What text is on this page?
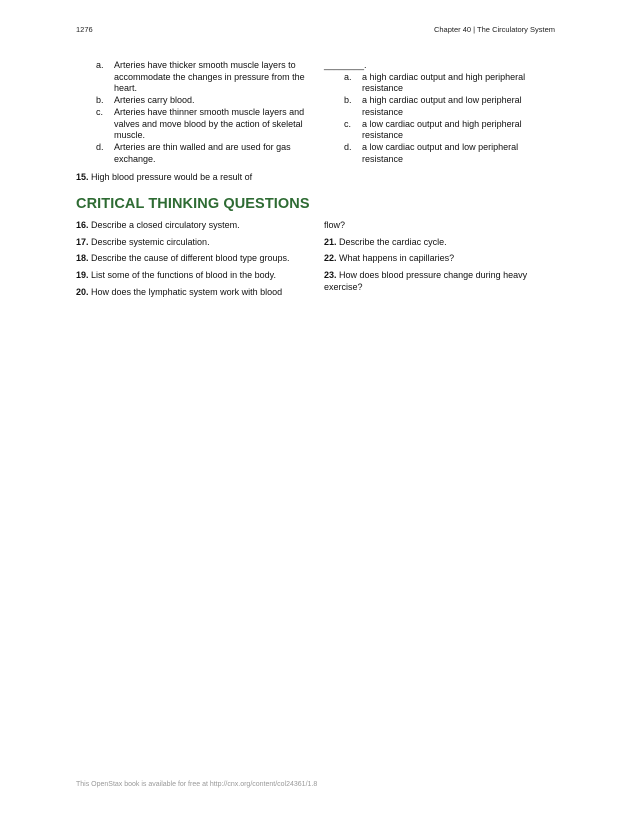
1276	Chapter 40 | The Circulatory System
a.	Arteries have thicker smooth muscle layers to accommodate the changes in pressure from the heart.
b.	Arteries carry blood.
c.	Arteries have thinner smooth muscle layers and valves and move blood by the action of skeletal muscle.
d.	Arteries are thin walled and are used for gas exchange.
15. High blood pressure would be a result of
________.
a.	a high cardiac output and high peripheral resistance
b.	a high cardiac output and low peripheral resistance
c.	a low cardiac output and high peripheral resistance
d.	a low cardiac output and low peripheral resistance
CRITICAL THINKING QUESTIONS
16. Describe a closed circulatory system.
17. Describe systemic circulation.
18. Describe the cause of different blood type groups.
19. List some of the functions of blood in the body.
20. How does the lymphatic system work with blood
flow?
21. Describe the cardiac cycle.
22. What happens in capillaries?
23. How does blood pressure change during heavy exercise?
This OpenStax book is available for free at http://cnx.org/content/col24361/1.8
